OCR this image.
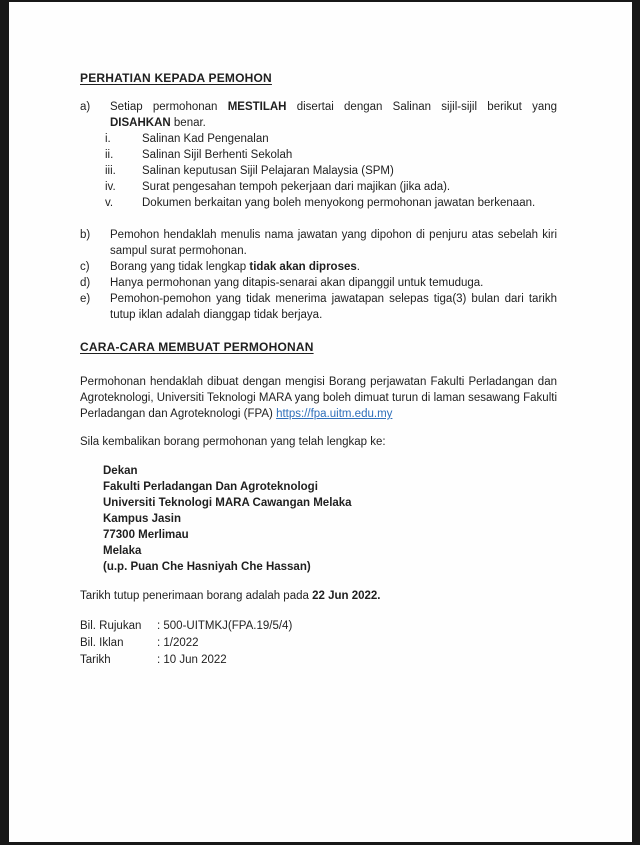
PERHATIAN KEPADA PEMOHON
a)	Setiap permohonan MESTILAH disertai dengan Salinan sijil-sijil berikut yang DISAHKAN benar.
i.	Salinan Kad Pengenalan
ii.	Salinan Sijil Berhenti Sekolah
iii.	Salinan keputusan Sijil Pelajaran Malaysia (SPM)
iv.	Surat pengesahan tempoh pekerjaan dari majikan (jika ada).
v.	Dokumen berkaitan yang boleh menyokong permohonan jawatan berkenaan.
b)	Pemohon hendaklah menulis nama jawatan yang dipohon di penjuru atas sebelah kiri sampul surat permohonan.
c)	Borang yang tidak lengkap tidak akan diproses.
d)	Hanya permohonan yang ditapis-senarai akan dipanggil untuk temuduga.
e)	Pemohon-pemohon yang tidak menerima jawatapan selepas tiga(3) bulan dari tarikh tutup iklan adalah dianggap tidak berjaya.
CARA-CARA MEMBUAT PERMOHONAN
Permohonan hendaklah dibuat dengan mengisi Borang perjawatan Fakulti Perladangan dan Agroteknologi, Universiti Teknologi MARA yang boleh dimuat turun di laman sesawang Fakulti Perladangan dan Agroteknologi (FPA) https://fpa.uitm.edu.my
Sila kembalikan borang permohonan yang telah lengkap ke:
Dekan
Fakulti Perladangan Dan Agroteknologi
Universiti Teknologi MARA Cawangan Melaka
Kampus Jasin
77300 Merlimau
Melaka
(u.p. Puan Che Hasniyah Che Hassan)
Tarikh tutup penerimaan borang adalah pada 22 Jun 2022.
Bil. Rujukan	: 500-UITMKJ(FPA.19/5/4)
Bil. Iklan	: 1/2022
Tarikh	: 10 Jun 2022
